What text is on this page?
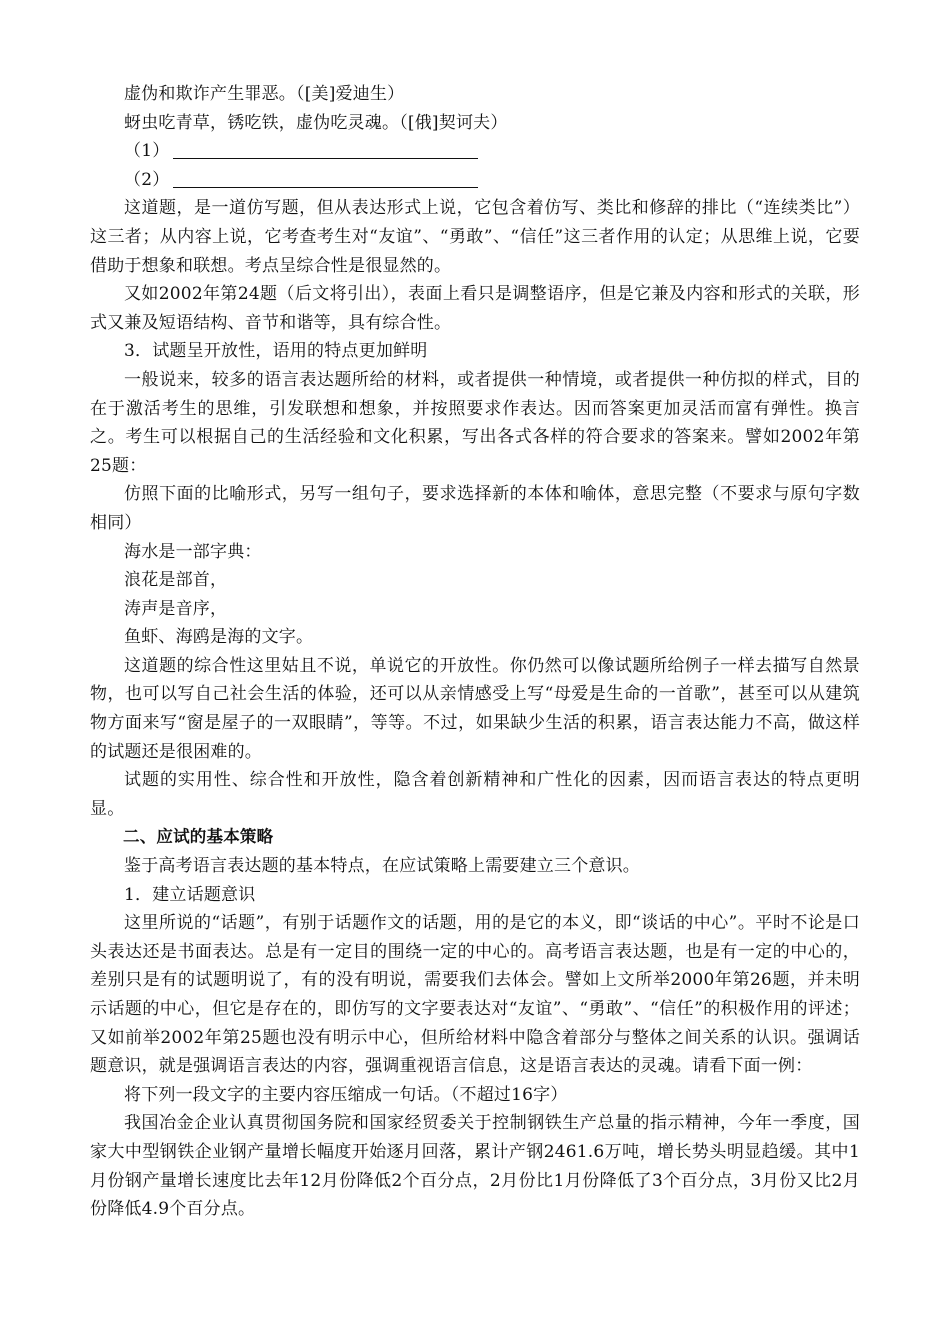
虚伪和欺诈产生罪恶。（[美]爱迪生）

蚜虫吃青草，锈吃铁，虚伪吃灵魂。（[俄]契诃夫）

（1）

（2）

这道题，是一道仿写题，但从表达形式上说，它包含着仿写、类比和修辞的排比（“连续类比”）这三者；从内容上说，它考查考生对“友谊”、“勇敢”、“信任”这三者作用的认定；从思维上说，它要借助于想象和联想。考点呈综合性是很显然的。

又如2002年第24题（后文将引出），表面上看只是调整语序，但是它兼及内容和形式的关联，形式又兼及短语结构、音节和谐等，具有综合性。

3．试题呈开放性，语用的特点更加鲜明

一般说来，较多的语言表达题所给的材料，或者提供一种情境，或者提供一种仿拟的样式，目的在于激活考生的思维，引发联想和想象，并按照要求作表达。因而答案更加灵活而富有弹性。换言之。考生可以根据自己的生活经验和文化积累，写出各式各样的符合要求的答案来。譬如2002年第25题：

仿照下面的比喻形式，另写一组句子，要求选择新的本体和喻体，意思完整（不要求与原句字数相同）

海水是一部字典：

浪花是部首，

涛声是音序，

鱼虾、海鸥是海的文字。

这道题的综合性这里姑且不说，单说它的开放性。你仍然可以像试题所给例子一样去描写自然景物，也可以写自己社会生活的体验，还可以从亲情感受上写“母爱是生命的一首歌”，甚至可以从建筑物方面来写“窗是屋子的一双眼睛”，等等。不过，如果缺少生活的积累，语言表达能力不高，做这样的试题还是很困难的。

试题的实用性、综合性和开放性，隐含着创新精神和广性化的因素，因而语言表达的特点更明显。

二、应试的基本策略

鉴于高考语言表达题的基本特点，在应试策略上需要建立三个意识。

1．建立话题意识

这里所说的“话题”，有别于话题作文的话题，用的是它的本义，即“谈话的中心”。平时不论是口头表达还是书面表达。总是有一定目的围绕一定的中心的。高考语言表达题，也是有一定的中心的，差别只是有的试题明说了，有的没有明说，需要我们去体会。譬如上文所举2000年第26题，并未明示话题的中心，但它是存在的，即仿写的文字要表达对“友谊”、“勇敢”、“信任”的积极作用的评述；又如前举2002年第25题也没有明示中心，但所给材料中隐含着部分与整体之间关系的认识。强调话题意识，就是强调语言表达的内容，强调重视语言信息，这是语言表达的灵魂。请看下面一例：

将下列一段文字的主要内容压缩成一句话。（不超过16字）

我国冶金企业认真贯彻国务院和国家经贸委关于控制钢铁生产总量的指示精神，今年一季度，国家大中型钢铁企业钢产量增长幅度开始逐月回落，累计产钢2461.6万吨，增长势头明显趋缓。其中1月份钢产量增长速度比去年12月份降低2个百分点，2月份比1月份降低了3个百分点，3月份又比2月份降低4.9个百分点。
